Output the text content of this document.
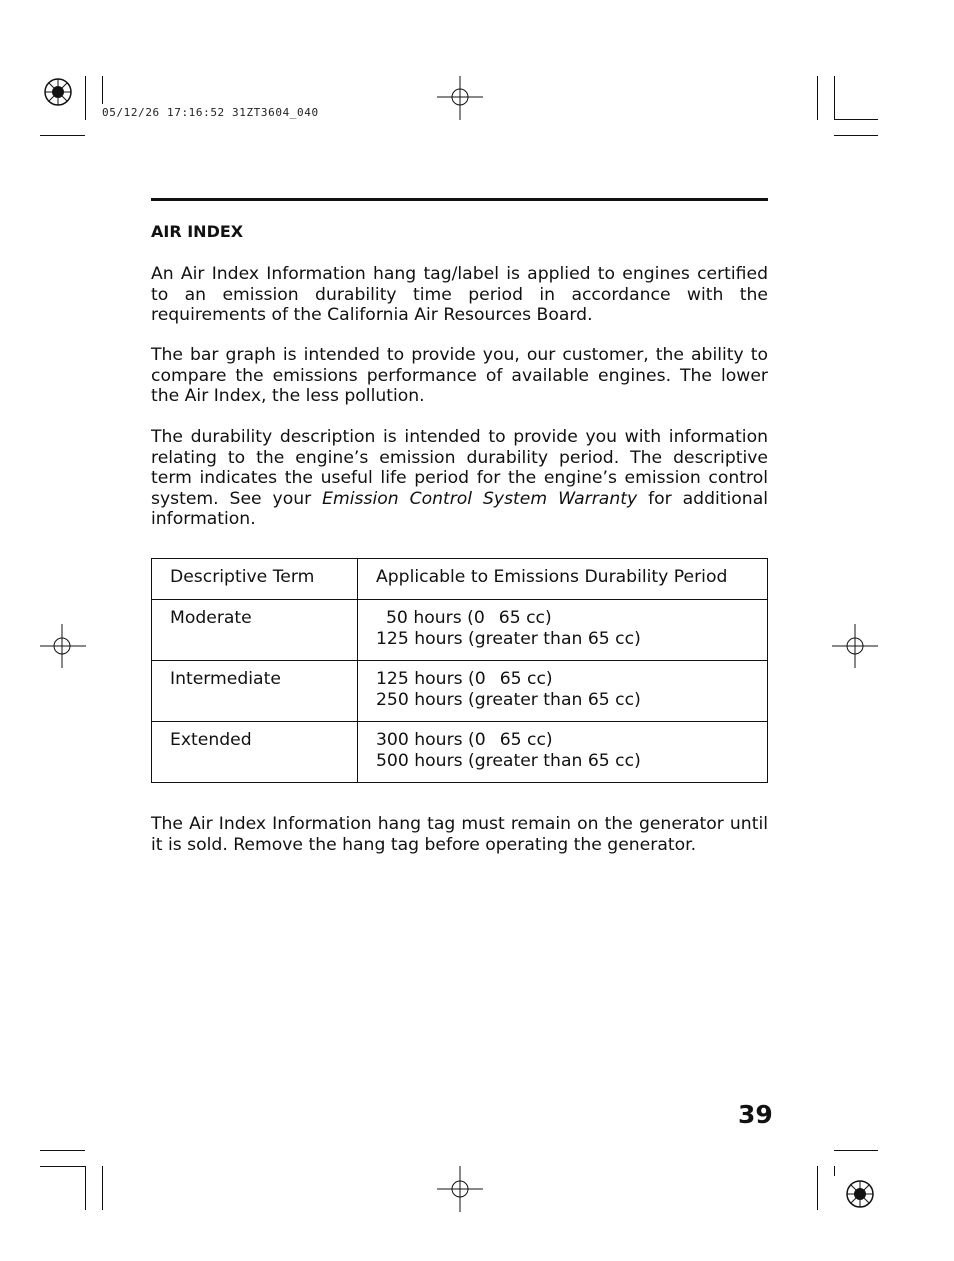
05/12/26 17:16:52 31ZT3604_040
AIR INDEX

An Air Index Information hang tag/label is applied to engines certified to an emission durability time period in accordance with the requirements of the California Air Resources Board.

The bar graph is intended to provide you, our customer, the ability to compare the emissions performance of available engines. The lower the Air Index, the less pollution.

The durability description is intended to provide you with information relating to the engine’s emission durability period. The descriptive term indicates the useful life period for the engine’s emission control system. See your Emission Control System Warranty for additional information.

Descriptive Term	Applicable to Emissions Durability Period
Moderate	50 hours (0 65 cc)
125 hours (greater than 65 cc)
Intermediate	125 hours (0 65 cc)
250 hours (greater than 65 cc)
Extended	300 hours (0 65 cc)
500 hours (greater than 65 cc)

The Air Index Information hang tag must remain on the generator until it is sold. Remove the hang tag before operating the generator.

39
